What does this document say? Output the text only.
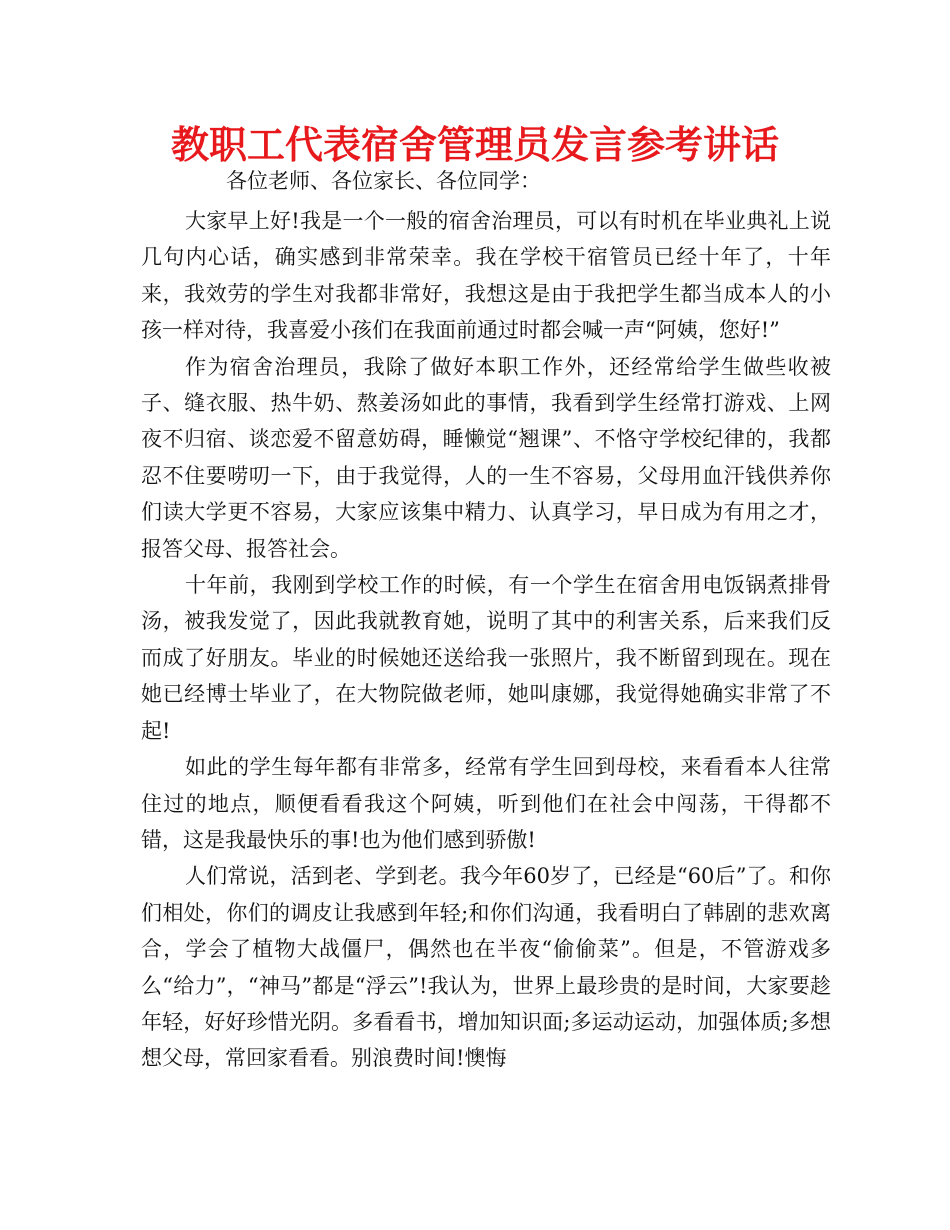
教职工代表宿舍管理员发言参考讲话

各位老师、各位家长、各位同学：

大家早上好!我是一个一般的宿舍治理员，可以有时机在毕业典礼上说几句内心话，确实感到非常荣幸。我在学校干宿管员已经十年了，十年来，我效劳的学生对我都非常好，我想这是由于我把学生都当成本人的小孩一样对待，我喜爱小孩们在我面前通过时都会喊一声“阿姨，您好!”

作为宿舍治理员，我除了做好本职工作外，还经常给学生做些收被子、缝衣服、热牛奶、熬姜汤如此的事情，我看到学生经常打游戏、上网夜不归宿、谈恋爱不留意妨碍，睡懒觉“翘课”、不恪守学校纪律的，我都忍不住要唠叨一下，由于我觉得，人的一生不容易，父母用血汗钱供养你们读大学更不容易，大家应该集中精力、认真学习，早日成为有用之才，报答父母、报答社会。

十年前，我刚到学校工作的时候，有一个学生在宿舍用电饭锅煮排骨汤，被我发觉了，因此我就教育她，说明了其中的利害关系，后来我们反而成了好朋友。毕业的时候她还送给我一张照片，我不断留到现在。现在她已经博士毕业了，在大物院做老师，她叫康娜，我觉得她确实非常了不起!

如此的学生每年都有非常多，经常有学生回到母校，来看看本人往常住过的地点，顺便看看我这个阿姨，听到他们在社会中闯荡，干得都不错，这是我最快乐的事!也为他们感到骄傲!

人们常说，活到老、学到老。我今年60岁了，已经是“60后”了。和你们相处，你们的调皮让我感到年轻;和你们沟通，我看明白了韩剧的悲欢离合，学会了植物大战僵尸，偶然也在半夜“偷偷菜”。但是，不管游戏多么“给力”，“神马”都是“浮云”!我认为，世界上最珍贵的是时间，大家要趁年轻，好好珍惜光阴。多看看书，增加知识面;多运动运动，加强体质;多想想父母，常回家看看。别浪费时间!懊悔
